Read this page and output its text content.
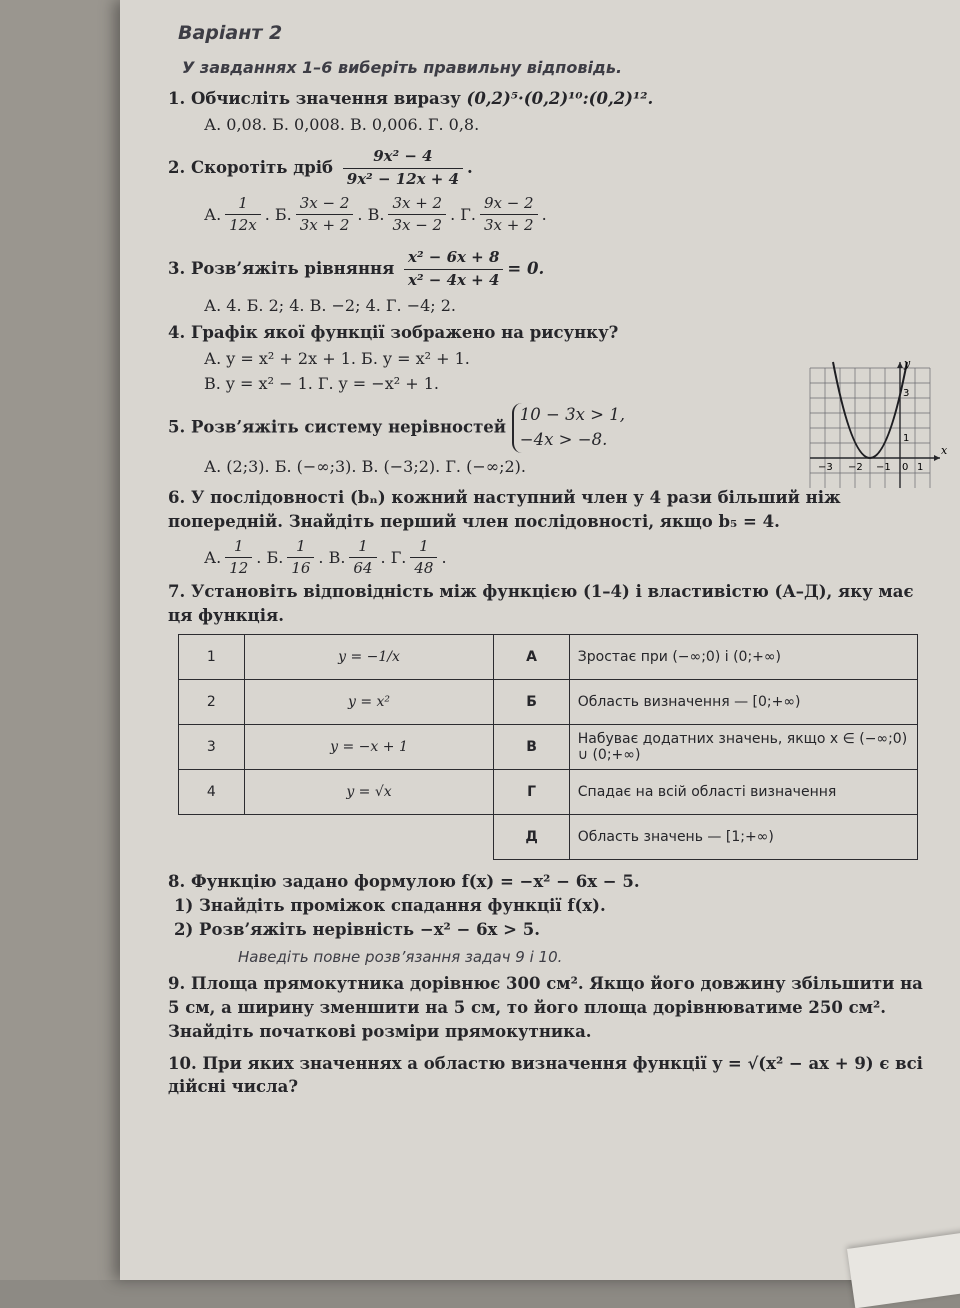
Варіант 2
У завданнях 1–6 виберіть правильну відповідь.

1. Обчисліть значення виразу (0,2)⁵·(0,2)¹⁰:(0,2)¹².

А. 0,08. Б. 0,008. В. 0,006. Г. 0,8.

2. Скоротіть дріб $\frac{\text{9x² − 4}}{\text{9x² − 12x + 4}}$ .

А. $\frac{1}{12x}$ . Б. $\frac{3x - 2}{3x + 2}$ . В. $\frac{3x + 2}{3x - 2}$ . Г. $\frac{9x - 2}{3x + 2}$ .

3. Розв’яжіть рівняння $\frac{\text{x² − 6x + 8}}{\text{x² − 4x + 4}} = 0$.

А. 4. Б. 2; 4. В. −2; 4. Г. −4; 2.

4. Графік якої функції зображено на рисунку?

А. y = x² + 2x + 1. Б. y = x² + 1.

В. y = x² − 1. Г. y = −x² + 1.

5. Розв’яжіть систему нерівностей 10 − 3x > 1,
−4x > −8.

А. (2;3). Б. (−∞;3). В. (−3;2). Г. (−∞;2).

6. У послідовності (bₙ) кожний наступний член у 4 рази більший ніж попередній. Знайдіть перший член послідовності, якщо b₅ = 4.

А. $\frac{1}{12}$ . Б. $\frac{1}{16}$ . В. $\frac{1}{64}$ . Г. $\frac{1}{48}$ .

7. Установіть відповідність між функцією (1–4) і властивістю (А–Д), яку має ця функція.

1	y = −1/x	А	Зростає при (−∞;0) і (0;+∞)
2	y = x²	Б	Область визначення — [0;+∞)
3	y = −x + 1	В	Набуває додатних значень, якщо x ∈ (−∞;0) ∪ (0;+∞)
4	y = √x	Г	Спадає на всій області визначення
		Д	Область значень — [1;+∞)

8. Функцію задано формулою f(x) = −x² − 6x − 5.

1) Знайдіть проміжок спадання функції f(x).

2) Розв’яжіть нерівність −x² − 6x > 5.

Наведіть повне розв’язання задач 9 і 10.

9. Площа прямокутника дорівнює 300 см². Якщо його довжину збільшити на 5 см, а ширину зменшити на 5 см, то його площа дорівнюватиме 250 см². Знайдіть початкові розміри прямокутника.

10. При яких значеннях a областю визначення функції y = √(x² − ax + 9) є всі дійсні числа?

y
x
3
1
−3 −2 −1 0 1
